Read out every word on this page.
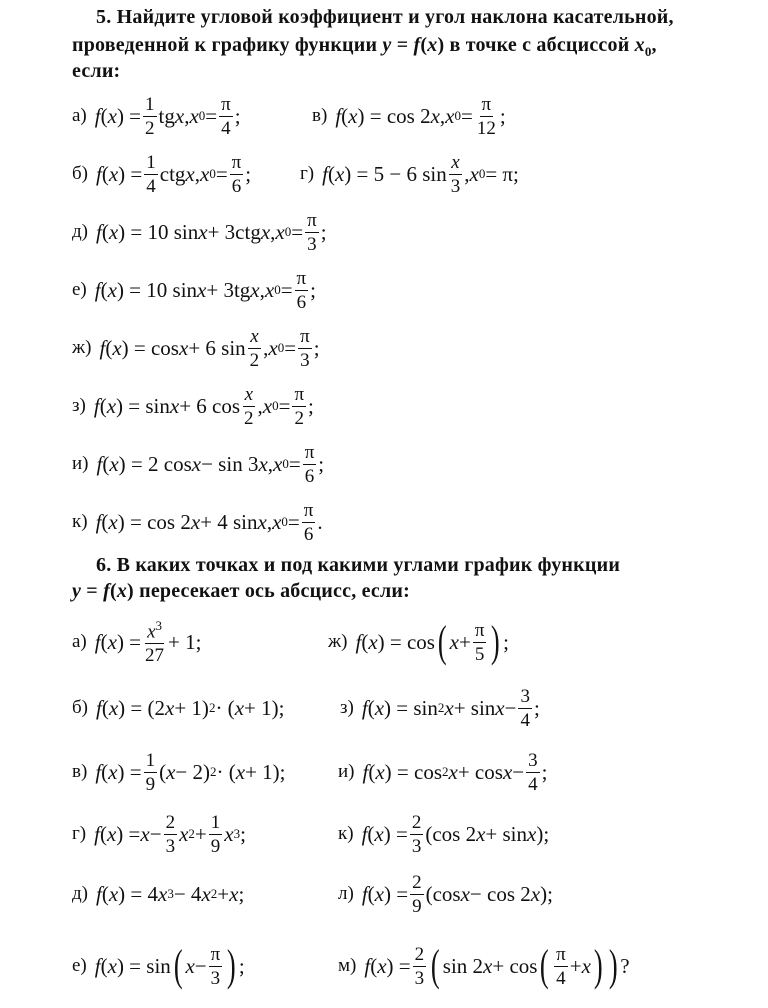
5. Найдите угловой коэффициент и угол наклона касательной,
проведенной к графику функции y = f(x) в точке с абсциссой $x_0$,
если:
а) f ( x ) = $\frac{1}{2}$ tg x , x $0 = \frac{\pi}{4}$ ;	в) f ( x ) = cos 2 x , x $0 = \frac{\pi}{12}$ ;
б) f ( x ) = $\frac{1}{4}$ ctg x , x $0 = \frac{\pi}{6}$ ;	г) f ( x ) = 5 − 6 $\sin \frac{x}{3}$ , x 0 = π;
д) f ( x ) = 10 sin x + 3ctg x , x $0 = \frac{\pi}{3}$ ;
е) f ( x ) = 10 sin x + 3tg x , x $0 = \frac{\pi}{6}$ ;
ж) f ( x ) = cos x + 6 $\sin \frac{x}{2}$ , x $0 = \frac{\pi}{3}$ ;
з) f ( x ) = sin x + 6 $\cos \frac{x}{2}$ , x $0 = \frac{\pi}{2}$ ;
и) f ( x ) = 2 cos x − sin 3 x , x $0 = \frac{\pi}{6}$ ;
к) f ( x ) = cos 2 x + 4 sin x , x $0 = \frac{\pi}{6}$ .
6. В каких точках и под какими углами график функции
y = f(x) пересекает ось абсцисс, если:
а) f ( x ) = $\frac{x^3}{27} + 1$;	ж) f ( x ) = cos ( $x + \frac{\pi}{5}$ ) ;
б) f ( x ) = (2 x + 1) 2 · ( x + 1);	з) f ( x ) = sin 2 $x + \sin x - \frac{3}{4}$ ;
в) f ( x ) = $\frac{1}{9}$ ( x − 2) 2 · ( x + 1);	и) f ( x ) = cos 2 $x + \cos x - \frac{3}{4}$ ;
г) f ( x ) = $x - \frac{2}{3}$ x $2 + \frac{1}{9}$ x 3 ;	к) f ( x ) = $\frac{2}{3} (\cos$ 2 x + sin x );
д) f ( x ) = 4 x 3 − 4 x 2 + x ;	л) f ( x ) = $\frac{2}{9} (\cos$ x − cos 2 x );
е) f ( x ) = sin ( $x - \frac{\pi}{3}$ ) ;	м) f ( x ) = $\frac{2}{3}$ ( sin 2 x + cos ( $\frac{\pi}{4} + x$ ) ) ?
